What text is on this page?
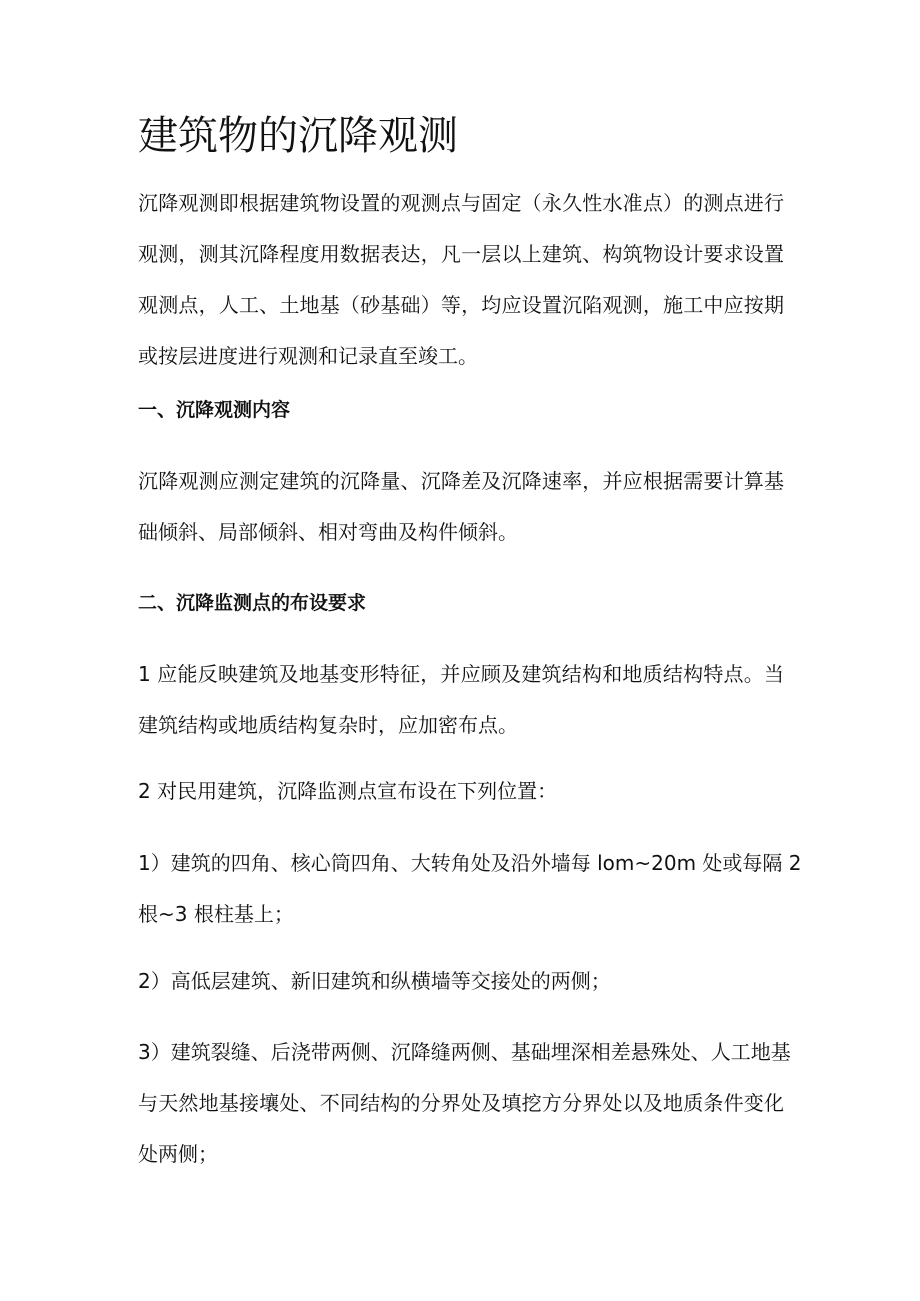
建筑物的沉降观测

沉降观测即根据建筑物设置的观测点与固定（永久性水准点）的测点进行
观测，测其沉降程度用数据表达，凡一层以上建筑、构筑物设计要求设置
观测点，人工、土地基（砂基础）等，均应设置沉陷观测，施工中应按期
或按层进度进行观测和记录直至竣工。

一、沉降观测内容

沉降观测应测定建筑的沉降量、沉降差及沉降速率，并应根据需要计算基
础倾斜、局部倾斜、相对弯曲及构件倾斜。

二、沉降监测点的布设要求

1 应能反映建筑及地基变形特征，并应顾及建筑结构和地质结构特点。当
建筑结构或地质结构复杂时，应加密布点。

2 对民用建筑，沉降监测点宣布设在下列位置：

1）建筑的四角、核心筒四角、大转角处及沿外墙每 lom~20m 处或每隔 2
根~3 根柱基上；

2）高低层建筑、新旧建筑和纵横墙等交接处的两侧；

3）建筑裂缝、后浇带两侧、沉降缝两侧、基础埋深相差悬殊处、人工地基
与天然地基接壤处、不同结构的分界处及填挖方分界处以及地质条件变化
处两侧；
